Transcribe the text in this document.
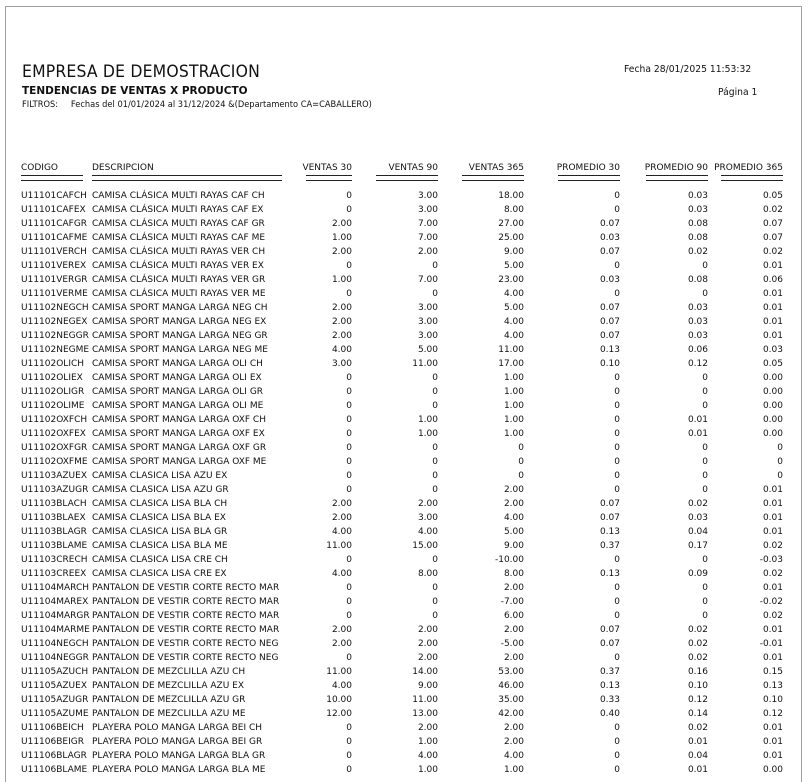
EMPRESA DE DEMOSTRACION
TENDENCIAS DE VENTAS X PRODUCTO
FILTROS: Fechas del 01/01/2024 al 31/12/2024 &(Departamento CA=CABALLERO)
Fecha 28/01/2025 11:53:32
Página 1
CODIGO	DESCRIPCION	VENTAS 30	VENTAS 90	VENTAS 365	PROMEDIO 30	PROMEDIO 90	PROMEDIO 365

U11101CAFCH	CAMISA CLÁSICA MULTI RAYAS CAF CH	0	3.00	18.00	0	0.03	0.05
U11101CAFEX	CAMISA CLÁSICA MULTI RAYAS CAF EX	0	3.00	8.00	0	0.03	0.02
U11101CAFGR	CAMISA CLÁSICA MULTI RAYAS CAF GR	2.00	7.00	27.00	0.07	0.08	0.07
U11101CAFME	CAMISA CLÁSICA MULTI RAYAS CAF ME	1.00	7.00	25.00	0.03	0.08	0.07
U11101VERCH	CAMISA CLÁSICA MULTI RAYAS VER CH	2.00	2.00	9.00	0.07	0.02	0.02
U11101VEREX	CAMISA CLÁSICA MULTI RAYAS VER EX	0	0	5.00	0	0	0.01
U11101VERGR	CAMISA CLÁSICA MULTI RAYAS VER GR	1.00	7.00	23.00	0.03	0.08	0.06
U11101VERME	CAMISA CLÁSICA MULTI RAYAS VER ME	0	0	4.00	0	0	0.01
U11102NEGCH	CAMISA SPORT MANGA LARGA NEG CH	2.00	3.00	5.00	0.07	0.03	0.01
U11102NEGEX	CAMISA SPORT MANGA LARGA NEG EX	2.00	3.00	4.00	0.07	0.03	0.01
U11102NEGGR	CAMISA SPORT MANGA LARGA NEG GR	2.00	3.00	4.00	0.07	0.03	0.01
U11102NEGME	CAMISA SPORT MANGA LARGA NEG ME	4.00	5.00	11.00	0.13	0.06	0.03
U11102OLICH	CAMISA SPORT MANGA LARGA OLI CH	3.00	11.00	17.00	0.10	0.12	0.05
U11102OLIEX	CAMISA SPORT MANGA LARGA OLI EX	0	0	1.00	0	0	0.00
U11102OLIGR	CAMISA SPORT MANGA LARGA OLI GR	0	0	1.00	0	0	0.00
U11102OLIME	CAMISA SPORT MANGA LARGA OLI ME	0	0	1.00	0	0	0.00
U11102OXFCH	CAMISA SPORT MANGA LARGA OXF CH	0	1.00	1.00	0	0.01	0.00
U11102OXFEX	CAMISA SPORT MANGA LARGA OXF EX	0	1.00	1.00	0	0.01	0.00
U11102OXFGR	CAMISA SPORT MANGA LARGA OXF GR	0	0	0	0	0	0
U11102OXFME	CAMISA SPORT MANGA LARGA OXF ME	0	0	0	0	0	0
U11103AZUEX	CAMISA CLASICA LISA AZU EX	0	0	0	0	0	0
U11103AZUGR	CAMISA CLASICA LISA AZU GR	0	0	2.00	0	0	0.01
U11103BLACH	CAMISA CLASICA LISA BLA CH	2.00	2.00	2.00	0.07	0.02	0.01
U11103BLAEX	CAMISA CLASICA LISA BLA EX	2.00	3.00	4.00	0.07	0.03	0.01
U11103BLAGR	CAMISA CLASICA LISA BLA GR	4.00	4.00	5.00	0.13	0.04	0.01
U11103BLAME	CAMISA CLASICA LISA BLA ME	11.00	15.00	9.00	0.37	0.17	0.02
U11103CRECH	CAMISA CLASICA LISA CRE CH	0	0	-10.00	0	0	-0.03
U11103CREEX	CAMISA CLASICA LISA CRE EX	4.00	8.00	8.00	0.13	0.09	0.02
U11104MARCH	PANTALON DE VESTIR CORTE RECTO MAR	0	0	2.00	0	0	0.01
U11104MAREX	PANTALON DE VESTIR CORTE RECTO MAR	0	0	-7.00	0	0	-0.02
U11104MARGR	PANTALON DE VESTIR CORTE RECTO MAR	0	0	6.00	0	0	0.02
U11104MARME	PANTALON DE VESTIR CORTE RECTO MAR	2.00	2.00	2.00	0.07	0.02	0.01
U11104NEGCH	PANTALON DE VESTIR CORTE RECTO NEG	2.00	2.00	-5.00	0.07	0.02	-0.01
U11104NEGGR	PANTALON DE VESTIR CORTE RECTO NEG	0	2.00	2.00	0	0.02	0.01
U11105AZUCH	PANTALON DE MEZCLILLA AZU CH	11.00	14.00	53.00	0.37	0.16	0.15
U11105AZUEX	PANTALON DE MEZCLILLA AZU EX	4.00	9.00	46.00	0.13	0.10	0.13
U11105AZUGR	PANTALON DE MEZCLILLA AZU GR	10.00	11.00	35.00	0.33	0.12	0.10
U11105AZUME	PANTALON DE MEZCLILLA AZU ME	12.00	13.00	42.00	0.40	0.14	0.12
U11106BEICH	PLAYERA POLO MANGA LARGA BEI CH	0	2.00	2.00	0	0.02	0.01
U11106BEIGR	PLAYERA POLO MANGA LARGA BEI GR	0	1.00	2.00	0	0.01	0.01
U11106BLAGR	PLAYERA POLO MANGA LARGA BLA GR	0	4.00	4.00	0	0.04	0.01
U11106BLAME	PLAYERA POLO MANGA LARGA BLA ME	0	1.00	1.00	0	0.01	0.00
